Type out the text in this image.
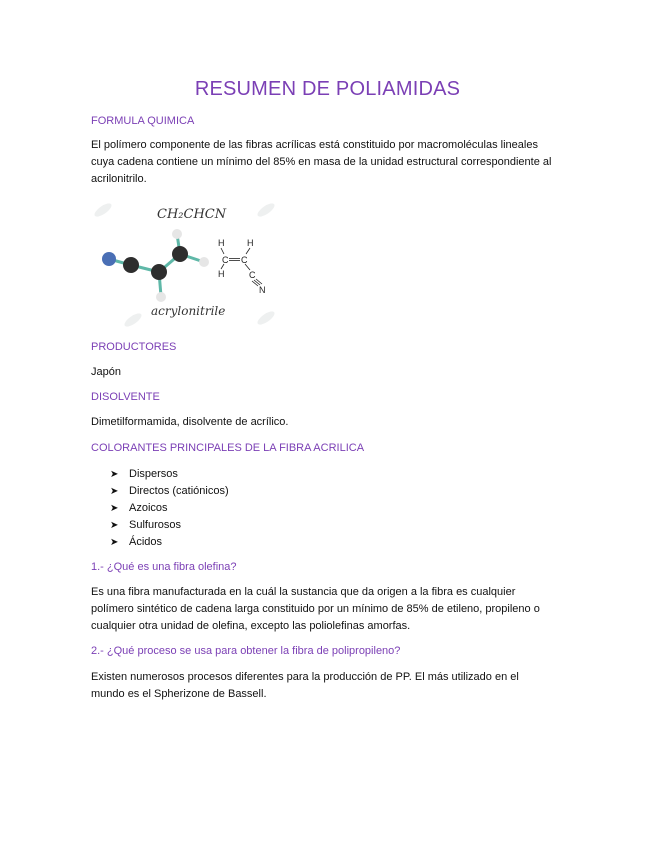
RESUMEN DE POLIAMIDAS
FORMULA QUIMICA
El polímero componente de las fibras acrílicas está constituido por macromoléculas lineales cuya cadena contiene un mínimo del 85% en masa de la unidad estructural correspondiente al acrilonitrilo.
CH₂CHCN
acrylonitrile
H	H
C C
H	C
N
PRODUCTORES
Japón
DISOLVENTE
Dimetilformamida, disolvente de acrílico.
COLORANTES PRINCIPALES DE LA FIBRA ACRILICA
➤ Dispersos
➤ Directos (catiónicos)
➤ Azoicos
➤ Sulfurosos
➤ Ácidos
1.- ¿Qué es una fibra olefina?
Es una fibra manufacturada en la cuál la sustancia que da origen a la fibra es cualquier polímero sintético de cadena larga constituido por un mínimo de 85% de etileno, propileno o cualquier otra unidad de olefina, excepto las poliolefinas amorfas.
2.- ¿Qué proceso se usa para obtener la fibra de polipropileno?
Existen numerosos procesos diferentes para la producción de PP. El más utilizado en el mundo es el Spherizone de Bassell.
